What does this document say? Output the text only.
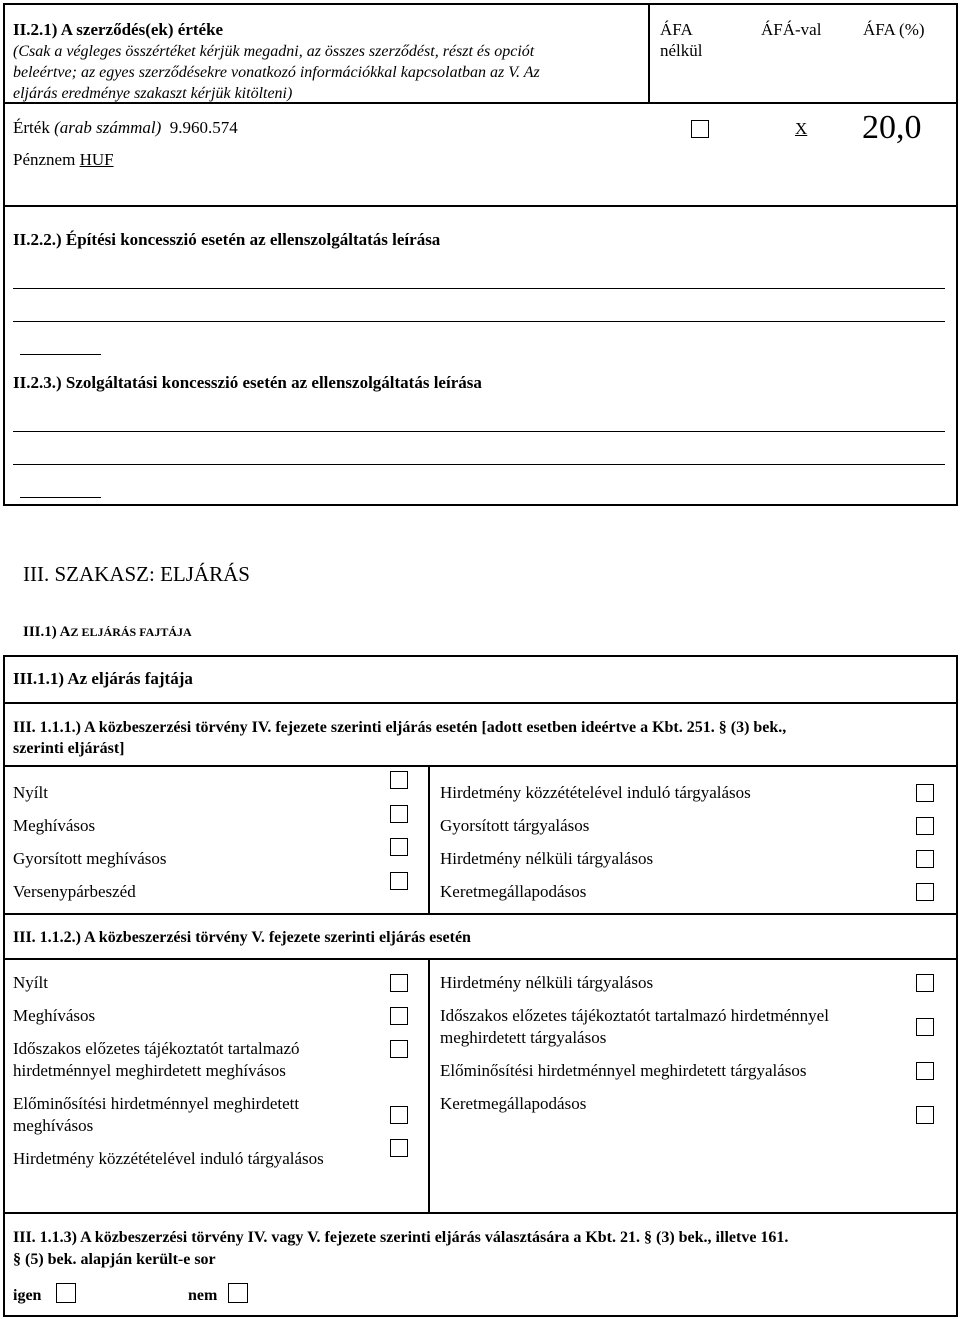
II.2.1) A szerződés(ek) értéke
(Csak a végleges összértéket kérjük megadni, az összes szerződést, részt és opciót
beleértve; az egyes szerződésekre vonatkozó információkkal kapcsolatban az V. Az
eljárás eredménye szakaszt kérjük kitölteni)
ÁFA
nélkül
ÁFÁ-val ÁFA (%)
Érték (arab számmal) 9.960.574	X 20,0
Pénznem HUF
II.2.2.) Építési koncesszió esetén az ellenszolgáltatás leírása
II.2.3.) Szolgáltatási koncesszió esetén az ellenszolgáltatás leírása
III. SZAKASZ: ELJÁRÁS
III.1) AZ ELJÁRÁS FAJTÁJA
III.1.1) Az eljárás fajtája
III. 1.1.1.) A közbeszerzési törvény IV. fejezete szerinti eljárás esetén [adott esetben ideértve a Kbt. 251. § (3) bek.,
szerinti eljárást]
Nyílt
Meghívásos
Gyorsított meghívásos
Versenypárbeszéd
Hirdetmény közzétételével induló tárgyalásos
Gyorsított tárgyalásos
Hirdetmény nélküli tárgyalásos
Keretmegállapodásos
III. 1.1.2.) A közbeszerzési törvény V. fejezete szerinti eljárás esetén
Nyílt
Meghívásos
Időszakos előzetes tájékoztatót tartalmazó
hirdetménnyel meghirdetett meghívásos
Előminősítési hirdetménnyel meghirdetett
meghívásos
Hirdetmény közzétételével induló tárgyalásos
Hirdetmény nélküli tárgyalásos
Időszakos előzetes tájékoztatót tartalmazó hirdetménnyel
meghirdetett tárgyalásos
Előminősítési hirdetménnyel meghirdetett tárgyalásos
Keretmegállapodásos
III. 1.1.3) A közbeszerzési törvény IV. vagy V. fejezete szerinti eljárás választására a Kbt. 21. § (3) bek., illetve 161.
§ (5) bek. alapján került-e sor
igen	nem
